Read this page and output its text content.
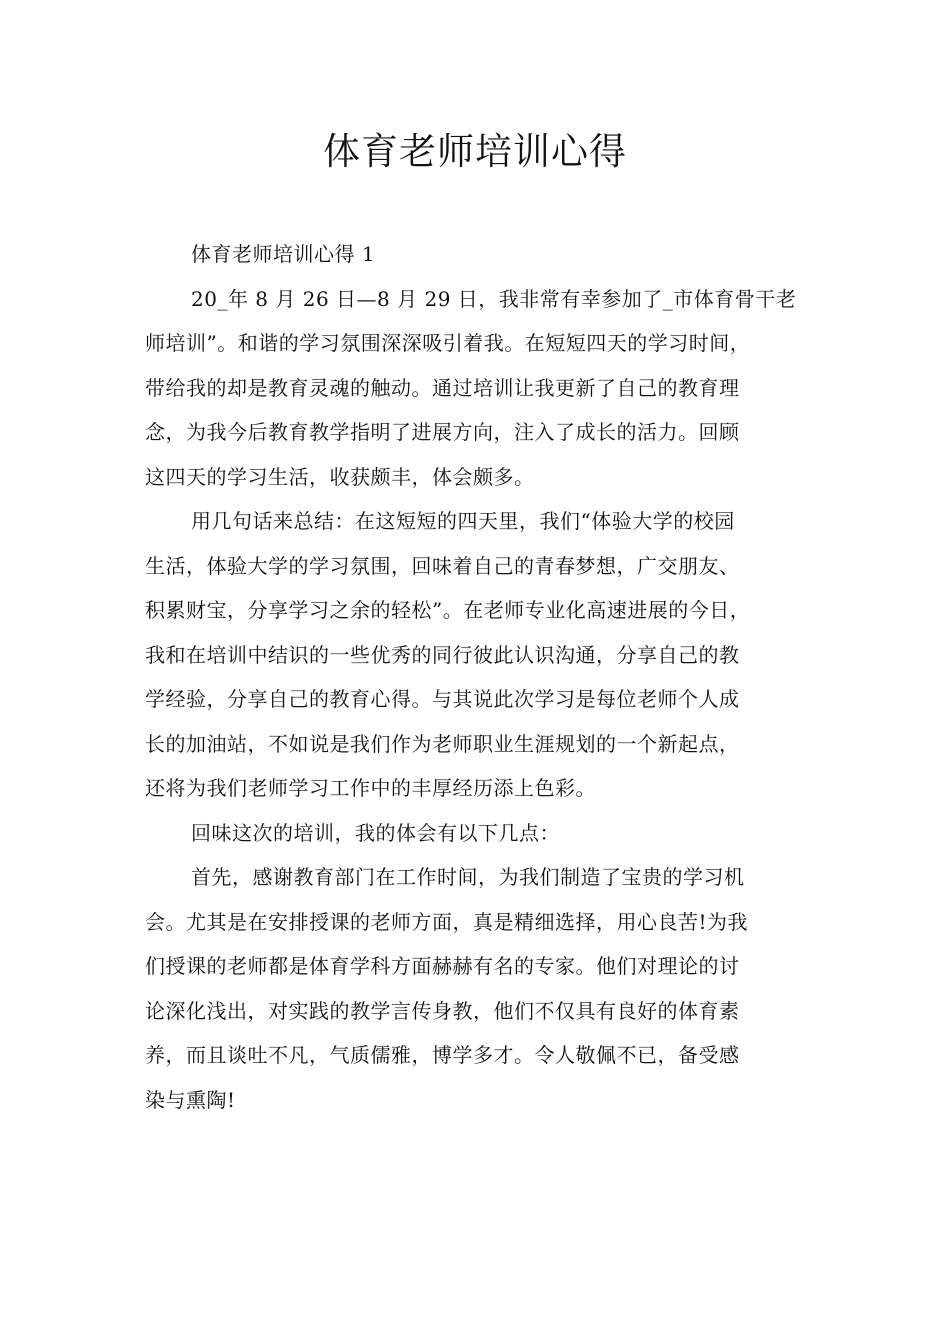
体育老师培训心得
体育老师培训心得 1
20_年 8 月 26 日—8 月 29 日，我非常有幸参加了_市体育骨干老
师培训”。和谐的学习氛围深深吸引着我。在短短四天的学习时间，
带给我的却是教育灵魂的触动。通过培训让我更新了自己的教育理
念，为我今后教育教学指明了进展方向，注入了成长的活力。回顾
这四天的学习生活，收获颇丰，体会颇多。
用几句话来总结：在这短短的四天里，我们“体验大学的校园
生活，体验大学的学习氛围，回味着自己的青春梦想，广交朋友、
积累财宝，分享学习之余的轻松”。在老师专业化高速进展的今日，
我和在培训中结识的一些优秀的同行彼此认识沟通，分享自己的教
学经验，分享自己的教育心得。与其说此次学习是每位老师个人成
长的加油站，不如说是我们作为老师职业生涯规划的一个新起点，
还将为我们老师学习工作中的丰厚经历添上色彩。
回味这次的培训，我的体会有以下几点：
首先，感谢教育部门在工作时间，为我们制造了宝贵的学习机
会。尤其是在安排授课的老师方面，真是精细选择，用心良苦!为我
们授课的老师都是体育学科方面赫赫有名的专家。他们对理论的讨
论深化浅出，对实践的教学言传身教，他们不仅具有良好的体育素
养，而且谈吐不凡，气质儒雅，博学多才。令人敬佩不已，备受感
染与熏陶!
